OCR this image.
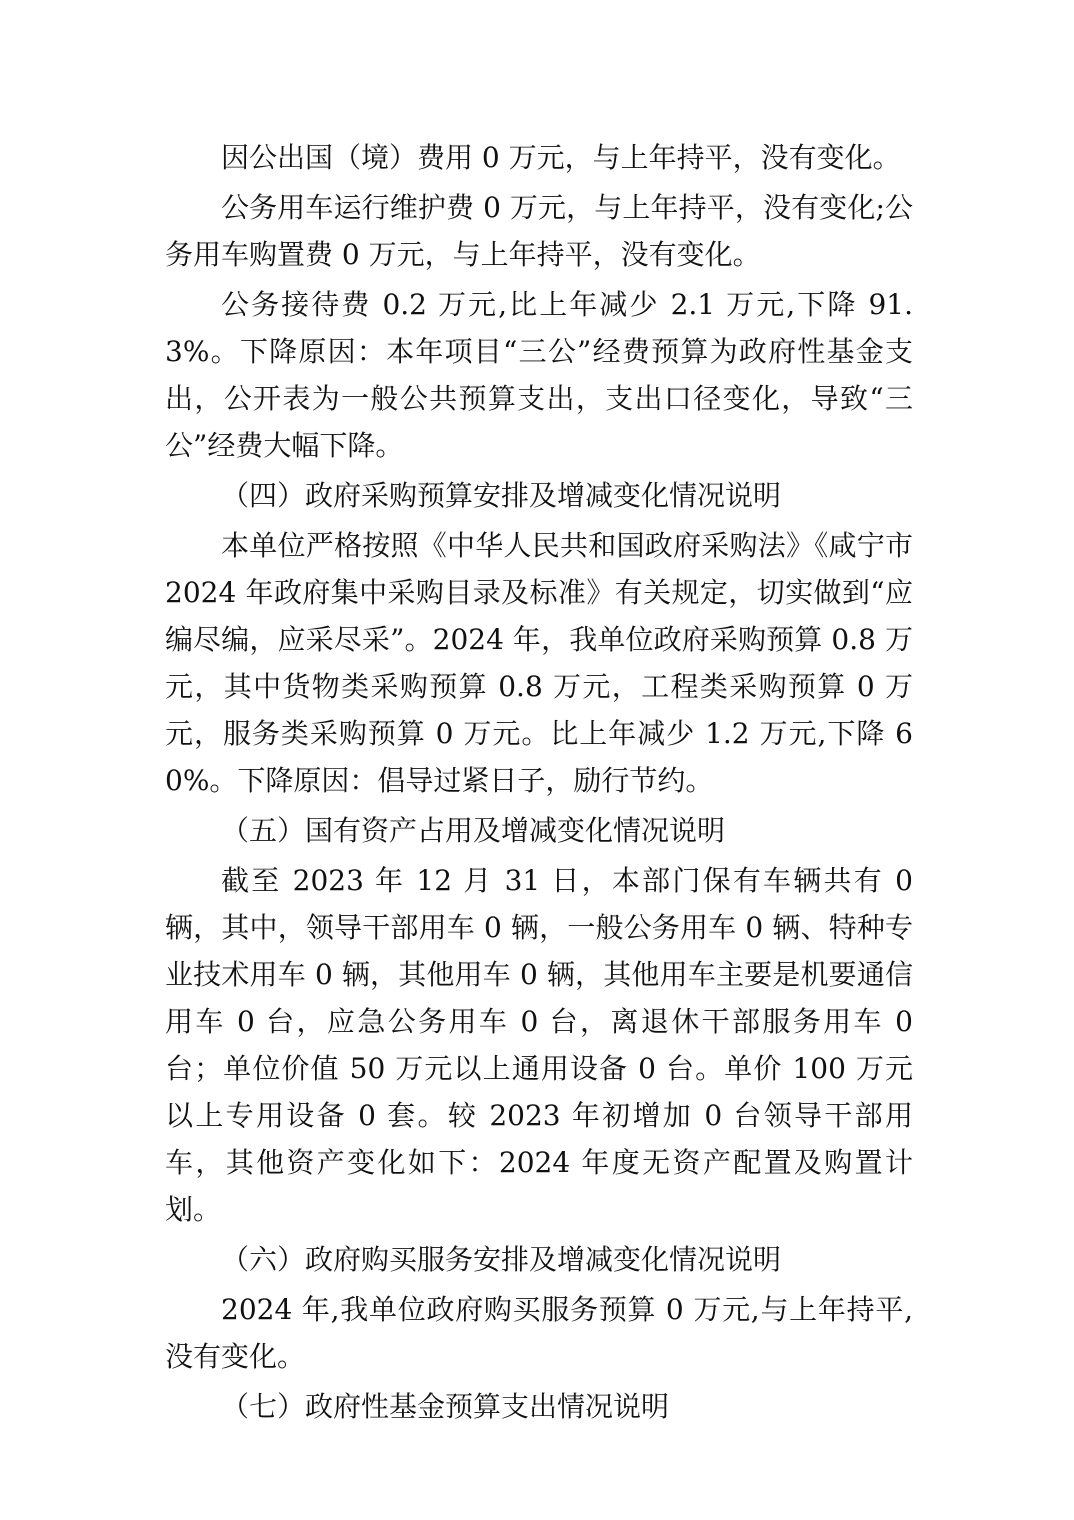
因公出国（境）费用 0 万元，与上年持平，没有变化。

公务用车运行维护费 0 万元，与上年持平，没有变化;公务用车购置费 0 万元，与上年持平，没有变化。

公务接待费 0.2 万元,比上年减少 2.1 万元,下降 91.3%。下降原因：本年项目“三公”经费预算为政府性基金支出，公开表为一般公共预算支出，支出口径变化，导致“三公”经费大幅下降。

（四）政府采购预算安排及增减变化情况说明

本单位严格按照《中华人民共和国政府采购法》《咸宁市 2024 年政府集中采购目录及标准》有关规定，切实做到“应编尽编，应采尽采”。2024 年，我单位政府采购预算 0.8 万元，其中货物类采购预算 0.8 万元，工程类采购预算 0 万元，服务类采购预算 0 万元。比上年减少 1.2 万元,下降 60%。下降原因：倡导过紧日子，励行节约。

（五）国有资产占用及增减变化情况说明

截至 2023 年 12 月 31 日，本部门保有车辆共有 0 辆，其中，领导干部用车 0 辆，一般公务用车 0 辆、特种专业技术用车 0 辆，其他用车 0 辆，其他用车主要是机要通信用车 0 台，应急公务用车 0 台，离退休干部服务用车 0 台；单位价值 50 万元以上通用设备 0 台。单价 100 万元以上专用设备 0 套。较 2023 年初增加 0 台领导干部用车，其他资产变化如下：2024 年度无资产配置及购置计划。

（六）政府购买服务安排及增减变化情况说明

2024 年,我单位政府购买服务预算 0 万元,与上年持平,没有变化。

（七）政府性基金预算支出情况说明
